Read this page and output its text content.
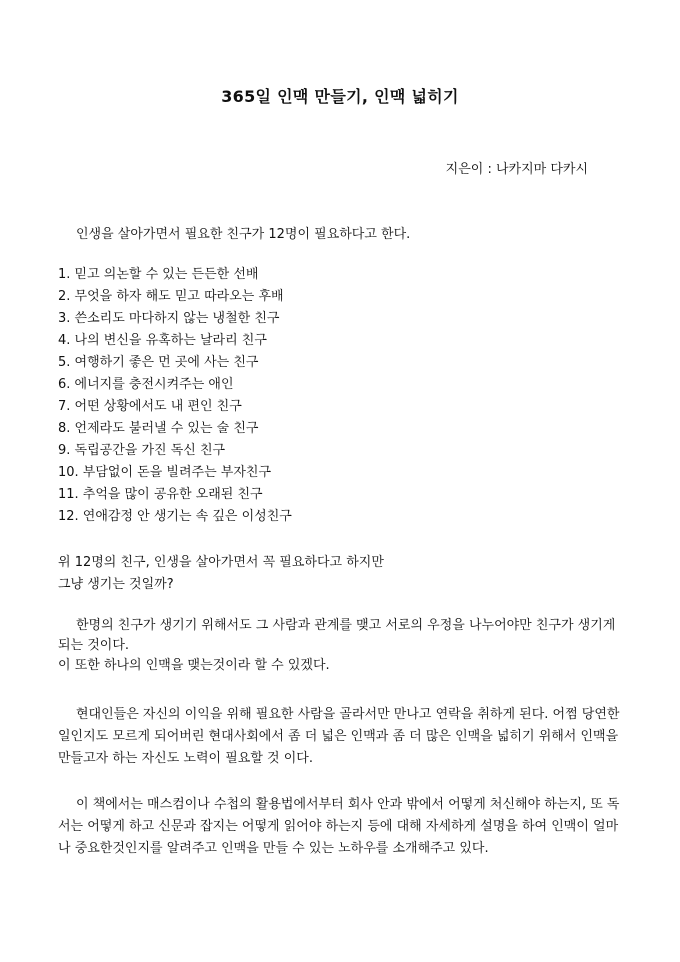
365일 인맥 만들기, 인맥 넓히기
지은이 : 나카지마 다카시
인생을 살아가면서 필요한 친구가 12명이 필요하다고 한다.
1. 믿고 의논할 수 있는 든든한 선배
2. 무엇을 하자 해도 믿고 따라오는 후배
3. 쓴소리도 마다하지 않는 냉철한 친구
4. 나의 변신을 유혹하는 날라리 친구
5. 여행하기 좋은 먼 곳에 사는 친구
6. 에너지를 충전시켜주는 애인
7. 어떤 상황에서도 내 편인 친구
8. 언제라도 불러낼 수 있는 술 친구
9. 독립공간을 가진 독신 친구
10. 부담없이 돈을 빌려주는 부자친구
11. 추억을 많이 공유한 오래된 친구
12. 연애감정 안 생기는 속 깊은 이성친구
위 12명의 친구, 인생을 살아가면서 꼭 필요하다고 하지만
그냥 생기는 것일까?
한명의 친구가 생기기 위해서도 그 사람과 관계를 맺고 서로의 우정을 나누어야만 친구가 생기게 되는 것이다.
이 또한 하나의 인맥을 맺는것이라 할 수 있겠다.
현대인들은 자신의 이익을 위해 필요한 사람을 골라서만 만나고 연락을 취하게 된다. 어쩜 당연한 일인지도 모르게 되어버린 현대사회에서 좀 더 넓은 인맥과 좀 더 많은 인맥을 넓히기 위해서 인맥을 만들고자 하는 자신도 노력이 필요할 것 이다.
이 책에서는 매스컴이나 수첩의 활용법에서부터 회사 안과 밖에서 어떻게 처신해야 하는지, 또 독서는 어떻게 하고 신문과 잡지는 어떻게 읽어야 하는지 등에 대해 자세하게 설명을 하여 인맥이 얼마나 중요한것인지를 알려주고 인맥을 만들 수 있는 노하우를 소개해주고 있다.
